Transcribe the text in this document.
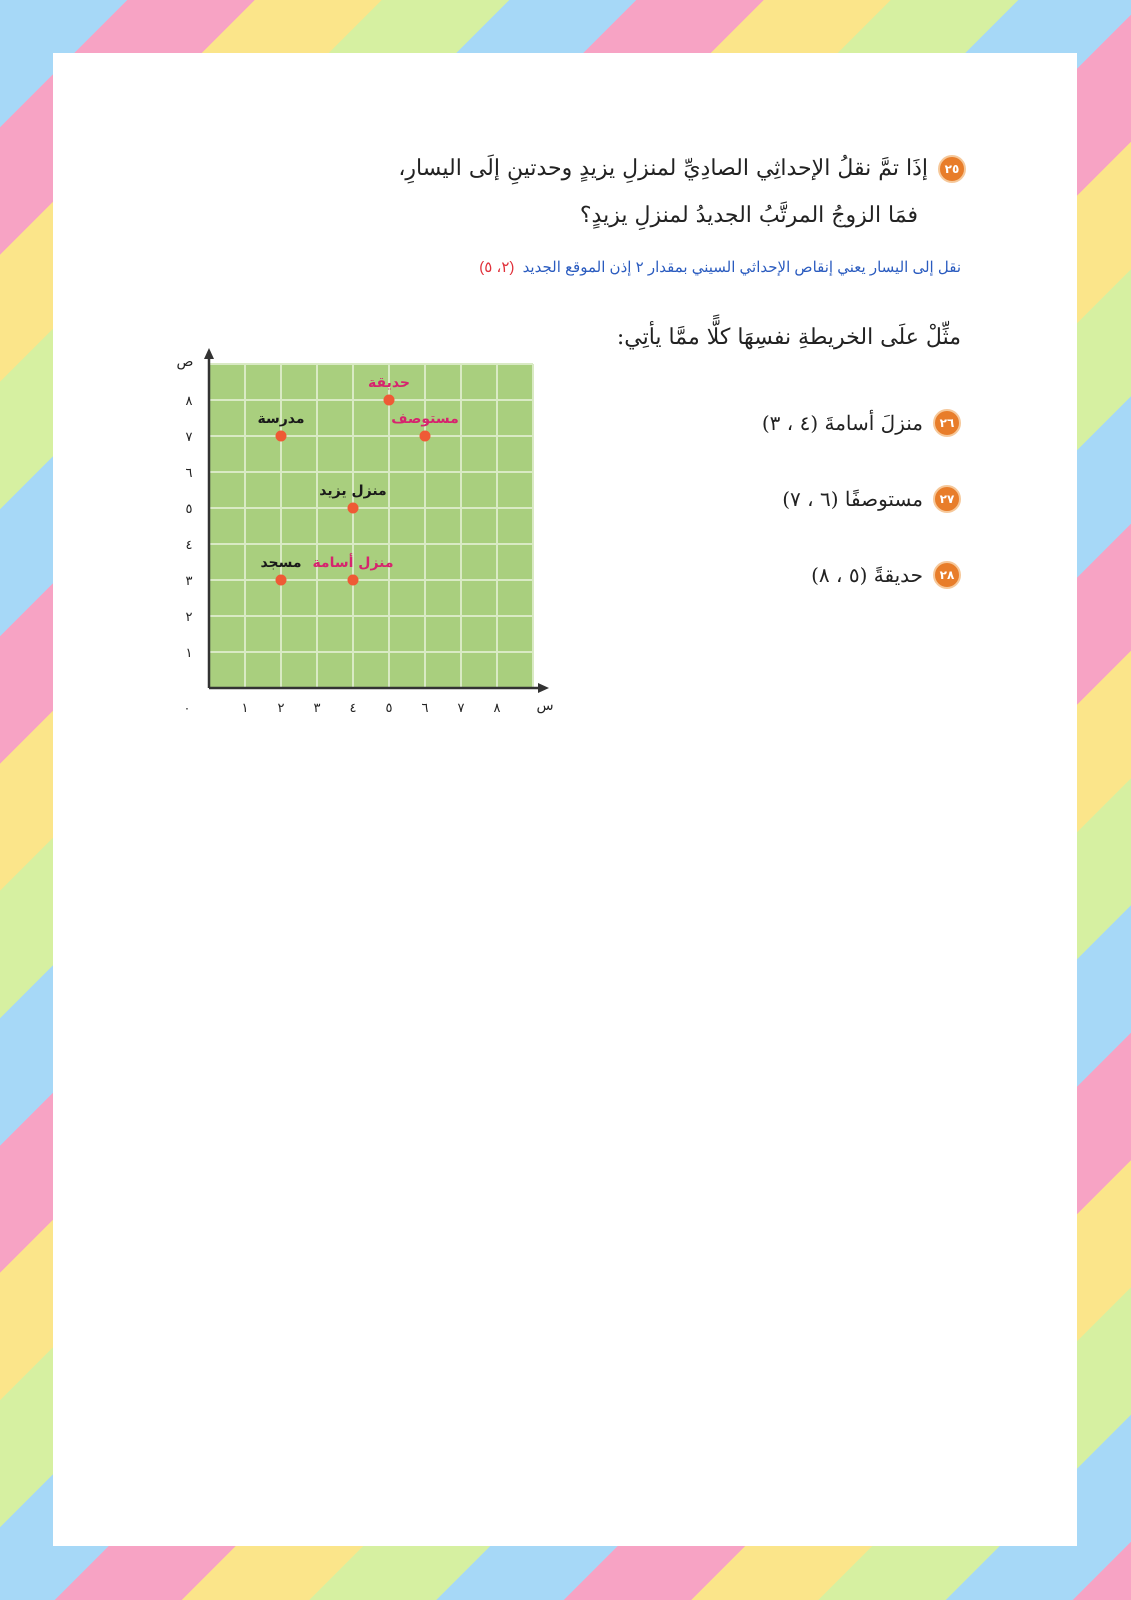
٢٥إذَا تمَّ نقلُ الإحداثِي الصادِيِّ لمنزلِ يزيدٍ وحدتينِ إلَى اليسارِ،
فمَا الزوجُ المرتَّبُ الجديدُ لمنزلِ يزيدٍ؟
نقل إلى اليسار يعني إنقاص الإحداثي السيني بمقدار ٢ إذن الموقع الجديد (٢، ٥)
مثِّلْ علَى الخريطةِ نفسِهَا كلًّا ممَّا يأتِي:
٢٦
منزلَ أسامةَ (٤ ، ٣)
٢٧
مستوصفًا (٦ ، ٧)
٢٨
حديقةً (٥ ، ٨)
س
ص
٠	١ ٢ ٣ ٤ ٥ ٦ ٧ ٨
١
٢
٣
٤
٥
٦
٧
٨
مدرسة	مستوصف
حديقة
منزل يزيد
مسجد منزل أسامة
